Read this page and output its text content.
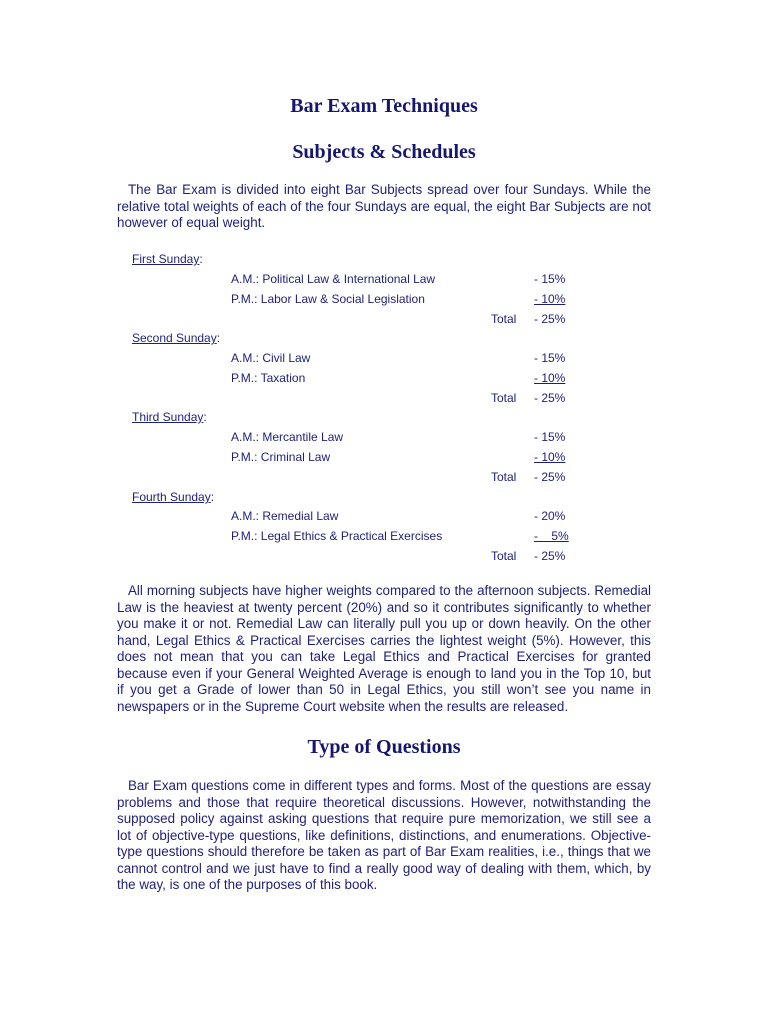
Bar Exam Techniques
Subjects & Schedules

The Bar Exam is divided into eight Bar Subjects spread over four Sundays. While the relative total weights of each of the four Sundays are equal, the eight Bar Subjects are not however of equal weight.

First Sunday:
A.M.: Political Law & International Law	- 15%
P.M.: Labor Law & Social Legislation	- 10%
Total - 25%
Second Sunday:
A.M.: Civil Law	- 15%
P.M.: Taxation	- 10%
Total - 25%
Third Sunday:
A.M.: Mercantile Law	- 15%
P.M.: Criminal Law	- 10%
Total - 25%
Fourth Sunday:
A.M.: Remedial Law	- 20%
P.M.: Legal Ethics & Practical Exercises	-    5%
Total - 25%

All morning subjects have higher weights compared to the afternoon subjects. Remedial Law is the heaviest at twenty percent (20%) and so it contributes significantly to whether you make it or not. Remedial Law can literally pull you up or down heavily. On the other hand, Legal Ethics & Practical Exercises carries the lightest weight (5%). However, this does not mean that you can take Legal Ethics and Practical Exercises for granted because even if your General Weighted Average is enough to land you in the Top 10, but if you get a Grade of lower than 50 in Legal Ethics, you still won’t see you name in newspapers or in the Supreme Court website when the results are released.

Type of Questions

Bar Exam questions come in different types and forms. Most of the questions are essay problems and those that require theoretical discussions. However, notwithstanding the supposed policy against asking questions that require pure memorization, we still see a lot of objective-type questions, like definitions, distinctions, and enumerations. Objective-type questions should therefore be taken as part of Bar Exam realities, i.e., things that we cannot control and we just have to find a really good way of dealing with them, which, by the way, is one of the purposes of this book.
